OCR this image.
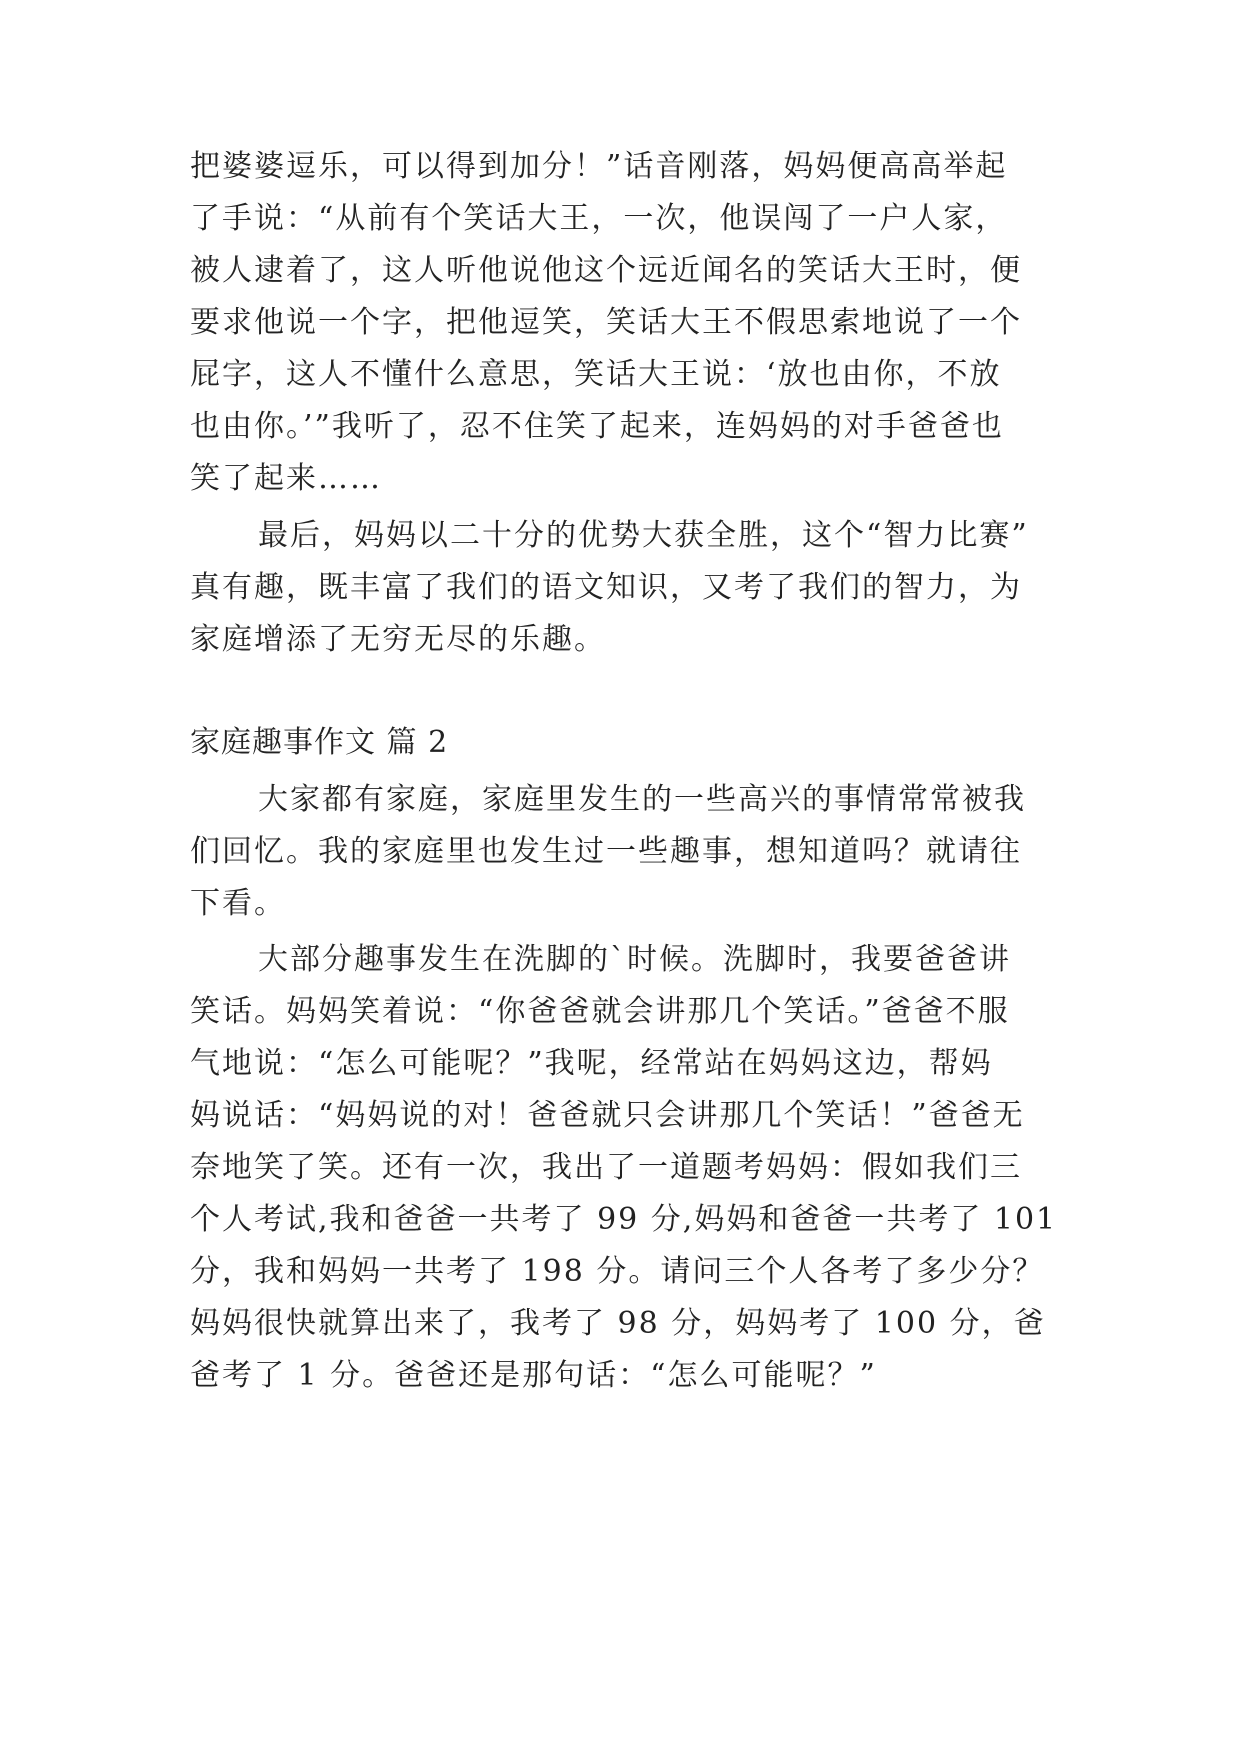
把婆婆逗乐，可以得到加分！”话音刚落，妈妈便高高举起
了手说：“从前有个笑话大王，一次，他误闯了一户人家，
被人逮着了，这人听他说他这个远近闻名的笑话大王时，便
要求他说一个字，把他逗笑，笑话大王不假思索地说了一个
屁字，这人不懂什么意思，笑话大王说：‘放也由你，不放
也由你。’”我听了，忍不住笑了起来，连妈妈的对手爸爸也
笑了起来……
最后，妈妈以二十分的优势大获全胜，这个“智力比赛”
真有趣，既丰富了我们的语文知识，又考了我们的智力，为
家庭增添了无穷无尽的乐趣。
家庭趣事作文 篇 2
大家都有家庭，家庭里发生的一些高兴的事情常常被我
们回忆。我的家庭里也发生过一些趣事，想知道吗？就请往
下看。
大部分趣事发生在洗脚的`时候。洗脚时，我要爸爸讲
笑话。妈妈笑着说：“你爸爸就会讲那几个笑话。”爸爸不服
气地说：“怎么可能呢？”我呢，经常站在妈妈这边，帮妈
妈说话：“妈妈说的对！爸爸就只会讲那几个笑话！”爸爸无
奈地笑了笑。还有一次，我出了一道题考妈妈：假如我们三
个人考试,我和爸爸一共考了 99 分,妈妈和爸爸一共考了 101
分，我和妈妈一共考了 198 分。请问三个人各考了多少分？
妈妈很快就算出来了，我考了 98 分，妈妈考了 100 分，爸
爸考了 1 分。爸爸还是那句话：“怎么可能呢？”
